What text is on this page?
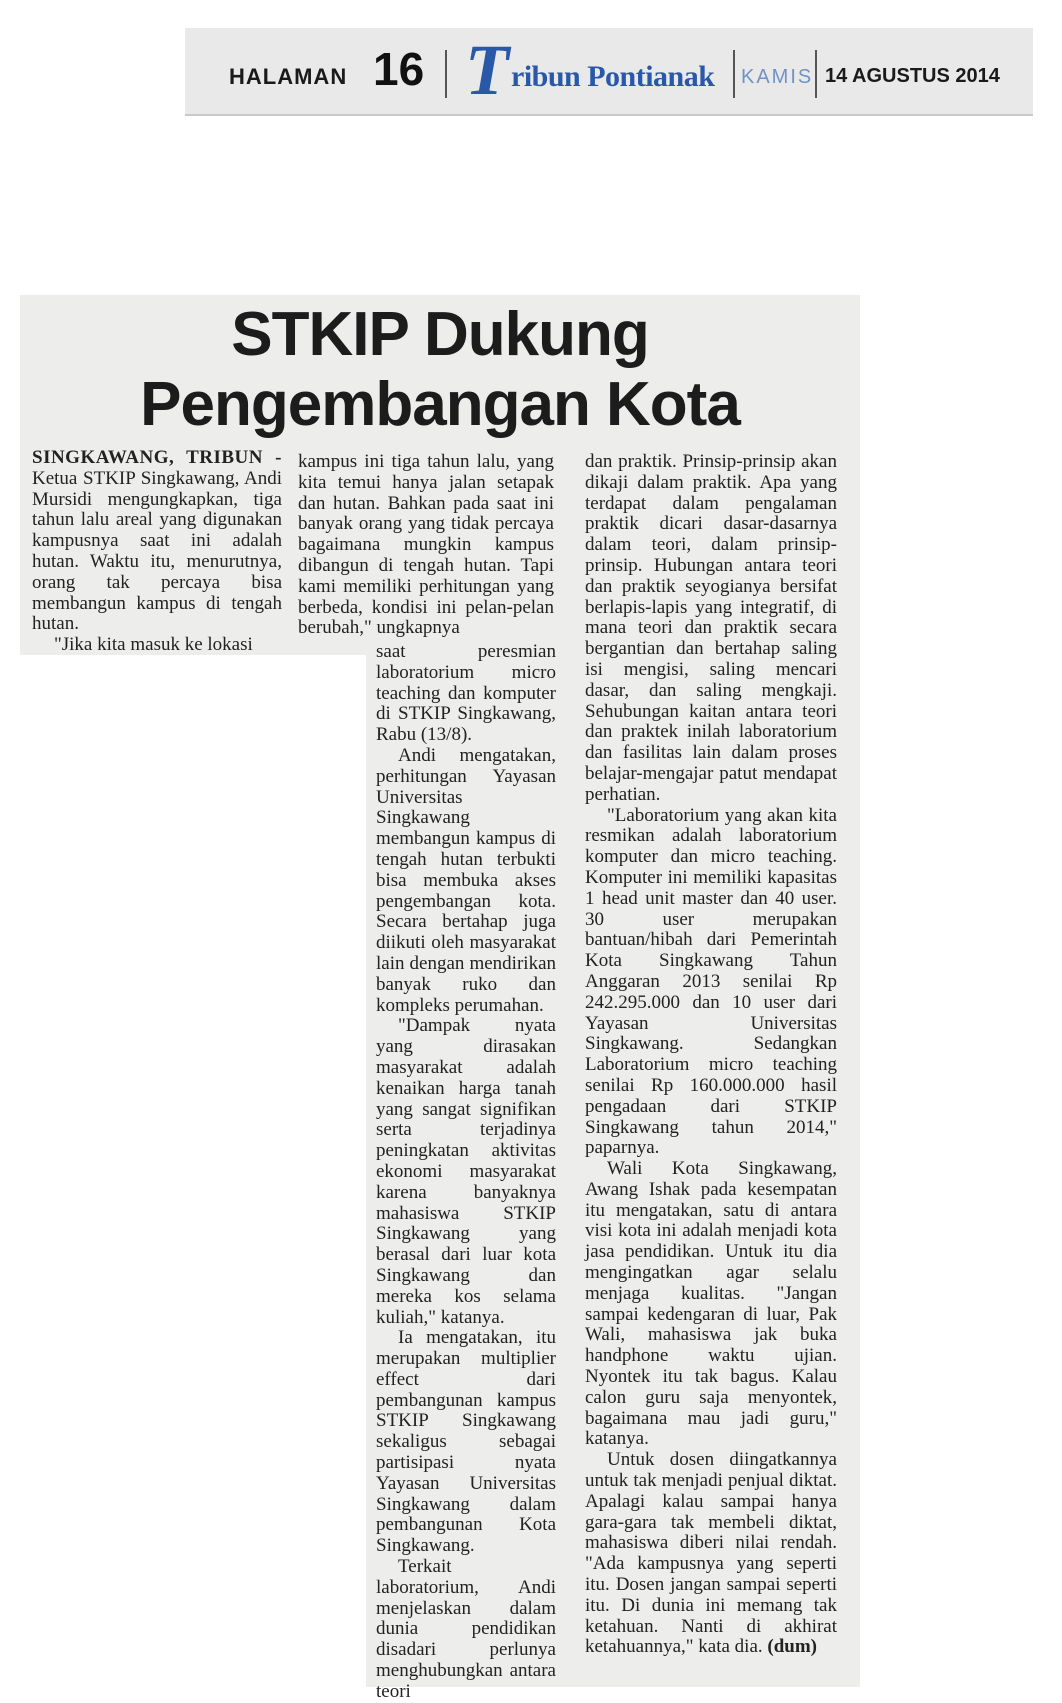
HALAMAN 16 T ribun Pontianak KAMIS 14 AGUSTUS 2014
STKIP Dukung
Pengembangan Kota

SINGKAWANG, TRIBUN - Ketua STKIP Singkawang, Andi Mursidi mengungkapkan, tiga tahun lalu areal yang digunakan kampusnya saat ini adalah hutan. Waktu itu, menurutnya, orang tak percaya bisa membangun kampus di tengah hutan.

"Jika kita masuk ke lokasi

kampus ini tiga tahun lalu, yang kita temui hanya jalan setapak dan hutan. Bahkan pada saat ini banyak orang yang tidak percaya bagaimana mungkin kampus dibangun di tengah hutan. Tapi kami memiliki perhitungan yang berbeda, kondisi ini pelan-pelan berubah," ungkapnya

saat peresmian laboratorium micro teaching dan komputer di STKIP Singkawang, Rabu (13/8).

Andi mengatakan, perhitungan Yayasan Universitas Singkawang membangun kampus di tengah hutan terbukti bisa membuka akses pengembangan kota. Secara bertahap juga diikuti oleh masyarakat lain dengan mendirikan banyak ruko dan kompleks perumahan.

"Dampak nyata yang dirasakan masyarakat adalah kenaikan harga tanah yang sangat signifikan serta terjadinya peningkatan aktivitas ekonomi masyarakat karena banyaknya mahasiswa STKIP Singkawang yang berasal dari luar kota Singkawang dan mereka kos selama kuliah," katanya.

Ia mengatakan, itu merupakan multiplier effect dari pembangunan kampus STKIP Singkawang sekaligus sebagai partisipasi nyata Yayasan Universitas Singkawang dalam pembangunan Kota Singkawang.

Terkait laboratorium, Andi menjelaskan dalam dunia pendidikan disadari perlunya menghubungkan antara teori

dan praktik. Prinsip-prinsip akan dikaji dalam praktik. Apa yang terdapat dalam pengalaman praktik dicari dasar-dasarnya dalam teori, dalam prinsip-prinsip. Hubungan antara teori dan praktik seyogianya bersifat berlapis-lapis yang integratif, di mana teori dan praktik secara bergantian dan bertahap saling isi mengisi, saling mencari dasar, dan saling mengkaji. Sehubungan kaitan antara teori dan praktek inilah laboratorium dan fasilitas lain dalam proses belajar-mengajar patut mendapat perhatian.

"Laboratorium yang akan kita resmikan adalah laboratorium komputer dan micro teaching. Komputer ini memiliki kapasitas 1 head unit master dan 40 user. 30 user merupakan bantuan/hibah dari Pemerintah Kota Singkawang Tahun Anggaran 2013 senilai Rp 242.295.000 dan 10 user dari Yayasan Universitas Singkawang. Sedangkan Laboratorium micro teaching senilai Rp 160.000.000 hasil pengadaan dari STKIP Singkawang tahun 2014," paparnya.

Wali Kota Singkawang, Awang Ishak pada kesempatan itu mengatakan, satu di antara visi kota ini adalah menjadi kota jasa pendidikan. Untuk itu dia mengingatkan agar selalu menjaga kualitas. "Jangan sampai kedengaran di luar, Pak Wali, mahasiswa jak buka handphone waktu ujian. Nyontek itu tak bagus. Kalau calon guru saja menyontek, bagaimana mau jadi guru," katanya.

Untuk dosen diingatkannya untuk tak menjadi penjual diktat. Apalagi kalau sampai hanya gara-gara tak membeli diktat, mahasiswa diberi nilai rendah. "Ada kampusnya yang seperti itu. Dosen jangan sampai seperti itu. Di dunia ini memang tak ketahuan. Nanti di akhirat ketahuannya," kata dia. (dum)
